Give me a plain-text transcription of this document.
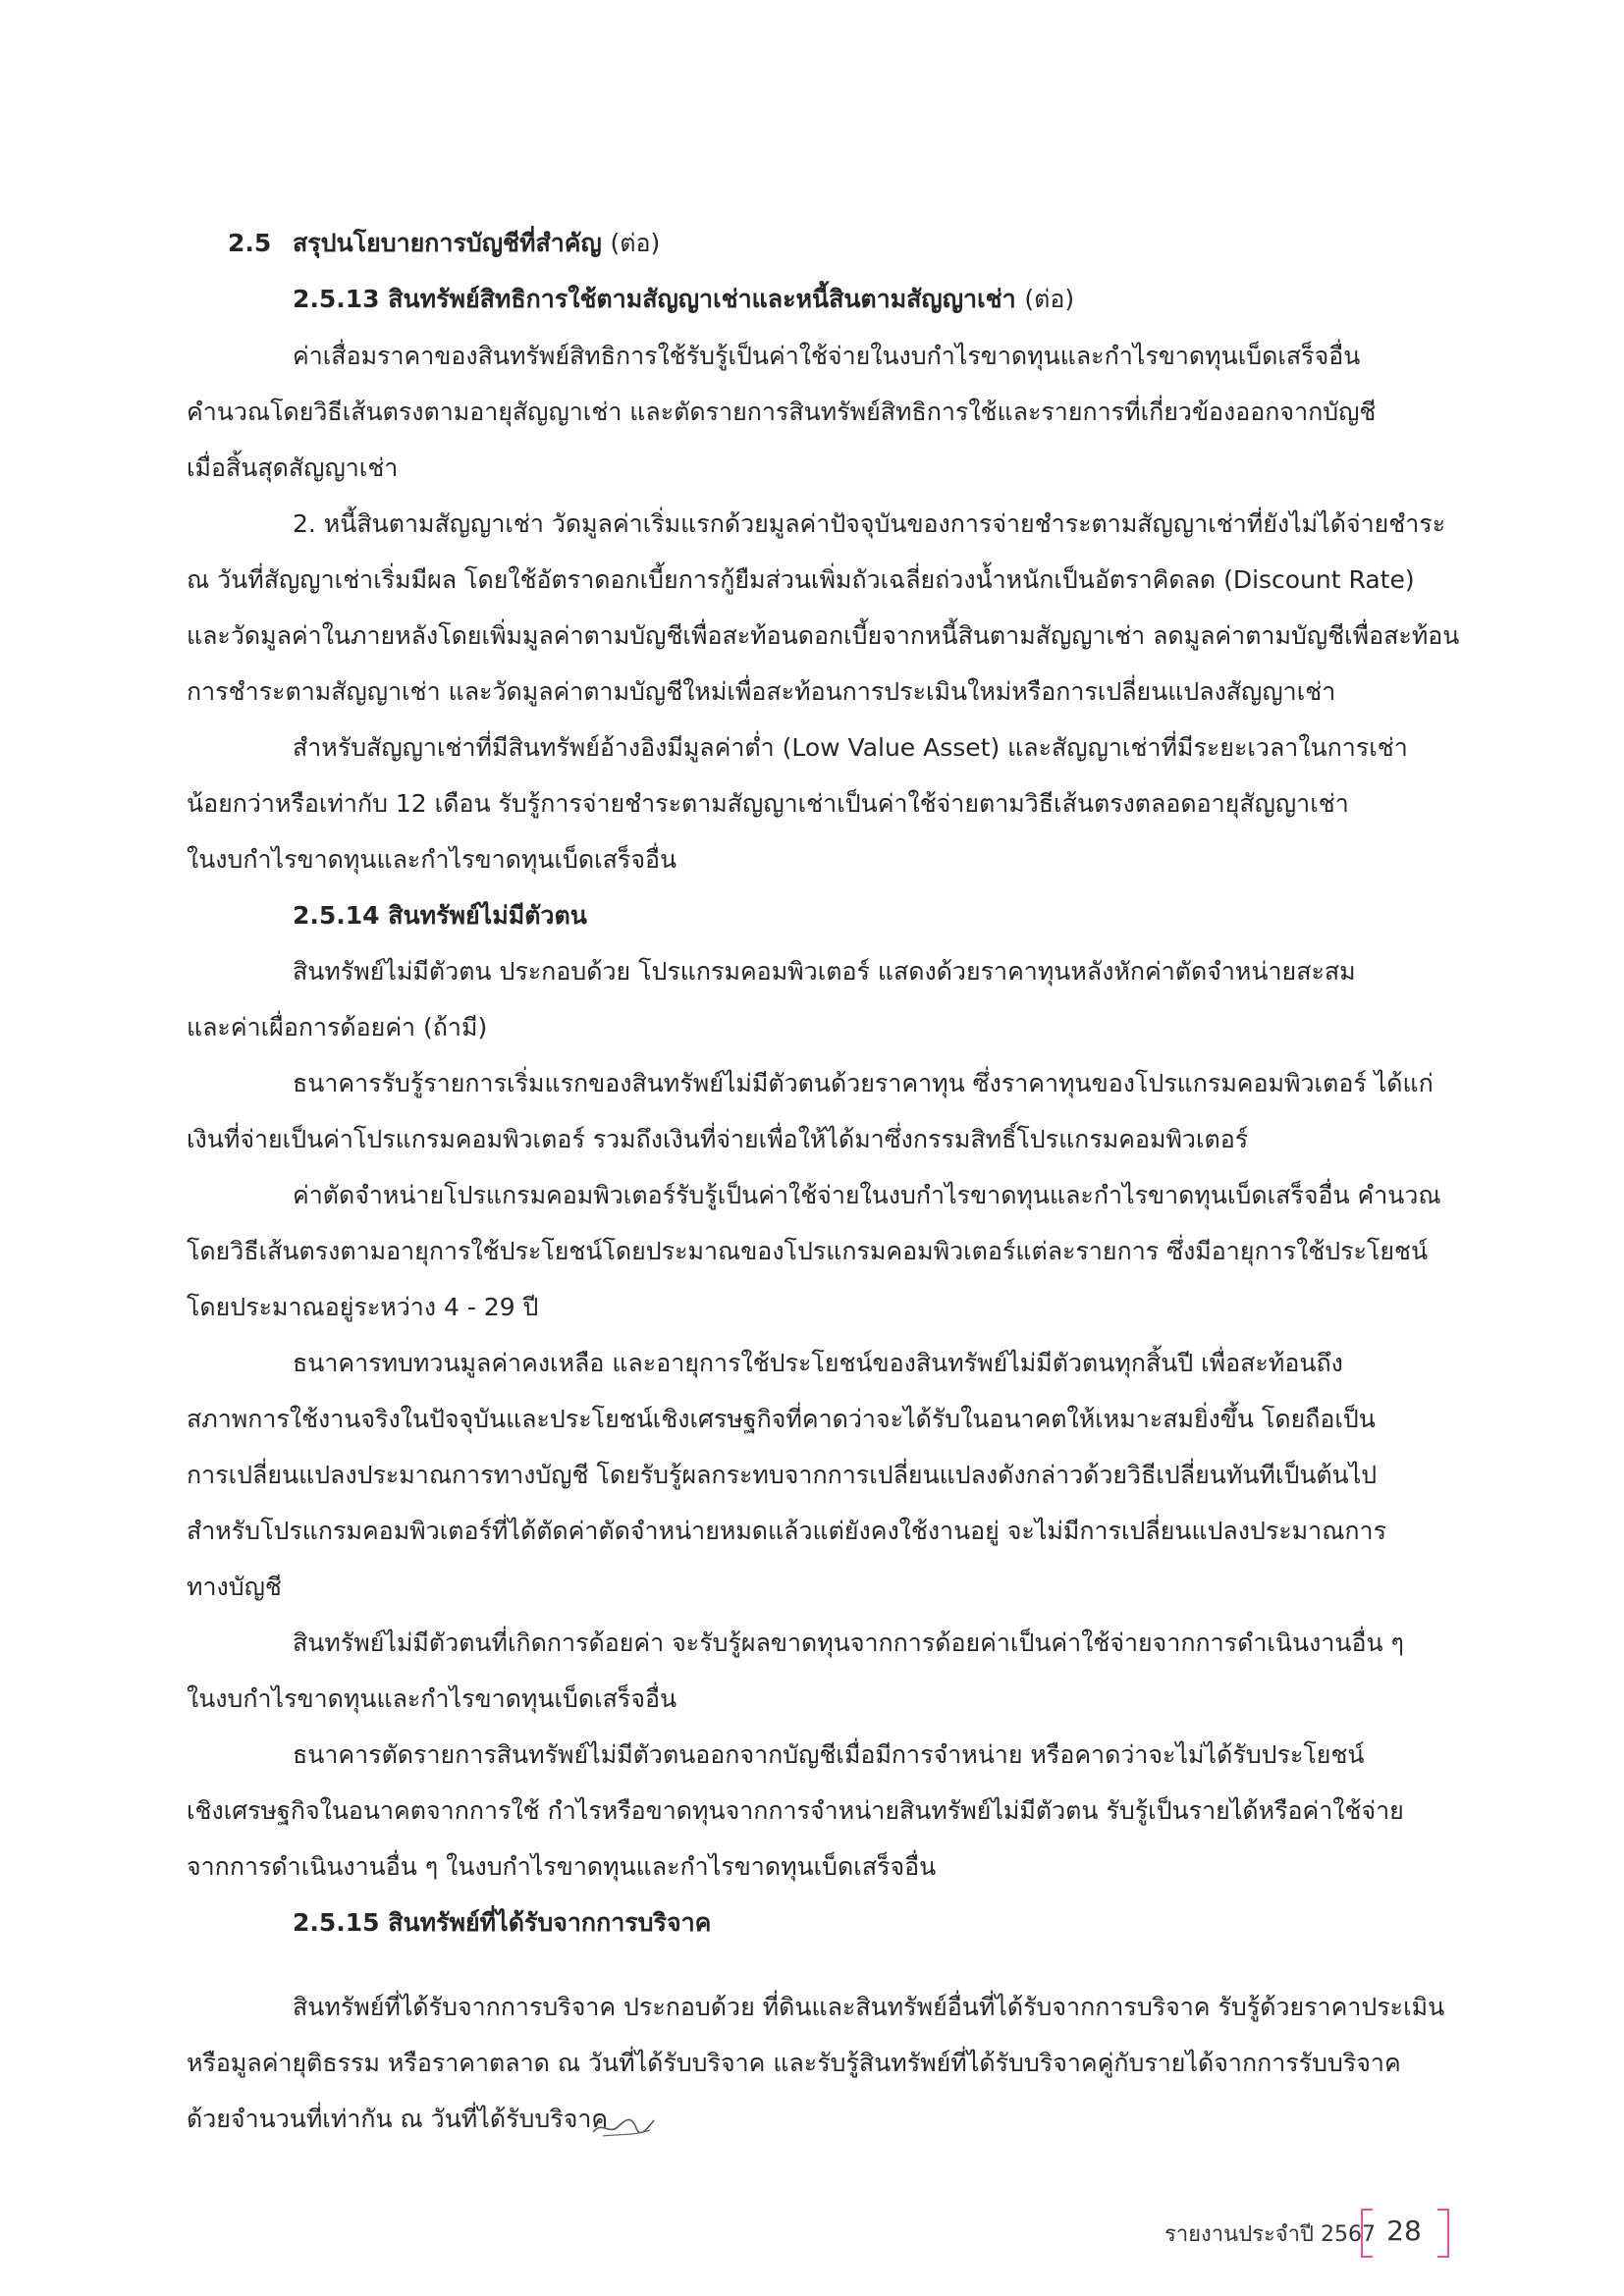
2.5 สรุปนโยบายการบัญชีที่สำคัญ (ต่อ)
2.5.13 สินทรัพย์สิทธิการใช้ตามสัญญาเช่าและหนี้สินตามสัญญาเช่า (ต่อ)
ค่าเสื่อมราคาของสินทรัพย์สิทธิการใช้รับรู้เป็นค่าใช้จ่ายในงบกำไรขาดทุนและกำไรขาดทุนเบ็ดเสร็จอื่น
คำนวณโดยวิธีเส้นตรงตามอายุสัญญาเช่า และตัดรายการสินทรัพย์สิทธิการใช้และรายการที่เกี่ยวข้องออกจากบัญชี
เมื่อสิ้นสุดสัญญาเช่า
2. หนี้สินตามสัญญาเช่า วัดมูลค่าเริ่มแรกด้วยมูลค่าปัจจุบันของการจ่ายชำระตามสัญญาเช่าที่ยังไม่ได้จ่ายชำระ
ณ วันที่สัญญาเช่าเริ่มมีผล โดยใช้อัตราดอกเบี้ยการกู้ยืมส่วนเพิ่มถัวเฉลี่ยถ่วงน้ำหนักเป็นอัตราคิดลด (Discount Rate)
และวัดมูลค่าในภายหลังโดยเพิ่มมูลค่าตามบัญชีเพื่อสะท้อนดอกเบี้ยจากหนี้สินตามสัญญาเช่า ลดมูลค่าตามบัญชีเพื่อสะท้อน
การชำระตามสัญญาเช่า และวัดมูลค่าตามบัญชีใหม่เพื่อสะท้อนการประเมินใหม่หรือการเปลี่ยนแปลงสัญญาเช่า
สำหรับสัญญาเช่าที่มีสินทรัพย์อ้างอิงมีมูลค่าต่ำ (Low Value Asset) และสัญญาเช่าที่มีระยะเวลาในการเช่า
น้อยกว่าหรือเท่ากับ 12 เดือน รับรู้การจ่ายชำระตามสัญญาเช่าเป็นค่าใช้จ่ายตามวิธีเส้นตรงตลอดอายุสัญญาเช่า
ในงบกำไรขาดทุนและกำไรขาดทุนเบ็ดเสร็จอื่น
2.5.14 สินทรัพย์ไม่มีตัวตน
สินทรัพย์ไม่มีตัวตน ประกอบด้วย โปรแกรมคอมพิวเตอร์ แสดงด้วยราคาทุนหลังหักค่าตัดจำหน่ายสะสม
และค่าเผื่อการด้อยค่า (ถ้ามี)
ธนาคารรับรู้รายการเริ่มแรกของสินทรัพย์ไม่มีตัวตนด้วยราคาทุน ซึ่งราคาทุนของโปรแกรมคอมพิวเตอร์ ได้แก่
เงินที่จ่ายเป็นค่าโปรแกรมคอมพิวเตอร์ รวมถึงเงินที่จ่ายเพื่อให้ได้มาซึ่งกรรมสิทธิ์โปรแกรมคอมพิวเตอร์
ค่าตัดจำหน่ายโปรแกรมคอมพิวเตอร์รับรู้เป็นค่าใช้จ่ายในงบกำไรขาดทุนและกำไรขาดทุนเบ็ดเสร็จอื่น คำนวณ
โดยวิธีเส้นตรงตามอายุการใช้ประโยชน์โดยประมาณของโปรแกรมคอมพิวเตอร์แต่ละรายการ ซึ่งมีอายุการใช้ประโยชน์
โดยประมาณอยู่ระหว่าง 4 - 29 ปี
ธนาคารทบทวนมูลค่าคงเหลือ และอายุการใช้ประโยชน์ของสินทรัพย์ไม่มีตัวตนทุกสิ้นปี เพื่อสะท้อนถึง
สภาพการใช้งานจริงในปัจจุบันและประโยชน์เชิงเศรษฐกิจที่คาดว่าจะได้รับในอนาคตให้เหมาะสมยิ่งขึ้น โดยถือเป็น
การเปลี่ยนแปลงประมาณการทางบัญชี โดยรับรู้ผลกระทบจากการเปลี่ยนแปลงดังกล่าวด้วยวิธีเปลี่ยนทันทีเป็นต้นไป
สำหรับโปรแกรมคอมพิวเตอร์ที่ได้ตัดค่าตัดจำหน่ายหมดแล้วแต่ยังคงใช้งานอยู่ จะไม่มีการเปลี่ยนแปลงประมาณการ
ทางบัญชี
สินทรัพย์ไม่มีตัวตนที่เกิดการด้อยค่า จะรับรู้ผลขาดทุนจากการด้อยค่าเป็นค่าใช้จ่ายจากการดำเนินงานอื่น ๆ
ในงบกำไรขาดทุนและกำไรขาดทุนเบ็ดเสร็จอื่น
ธนาคารตัดรายการสินทรัพย์ไม่มีตัวตนออกจากบัญชีเมื่อมีการจำหน่าย หรือคาดว่าจะไม่ได้รับประโยชน์
เชิงเศรษฐกิจในอนาคตจากการใช้ กำไรหรือขาดทุนจากการจำหน่ายสินทรัพย์ไม่มีตัวตน รับรู้เป็นรายได้หรือค่าใช้จ่าย
จากการดำเนินงานอื่น ๆ ในงบกำไรขาดทุนและกำไรขาดทุนเบ็ดเสร็จอื่น
2.5.15 สินทรัพย์ที่ได้รับจากการบริจาค
สินทรัพย์ที่ได้รับจากการบริจาค ประกอบด้วย ที่ดินและสินทรัพย์อื่นที่ได้รับจากการบริจาค รับรู้ด้วยราคาประเมิน
หรือมูลค่ายุติธรรม หรือราคาตลาด ณ วันที่ได้รับบริจาค และรับรู้สินทรัพย์ที่ได้รับบริจาคคู่กับรายได้จากการรับบริจาค
ด้วยจำนวนที่เท่ากัน ณ วันที่ได้รับบริจาค
รายงานประจำปี 2567 28
